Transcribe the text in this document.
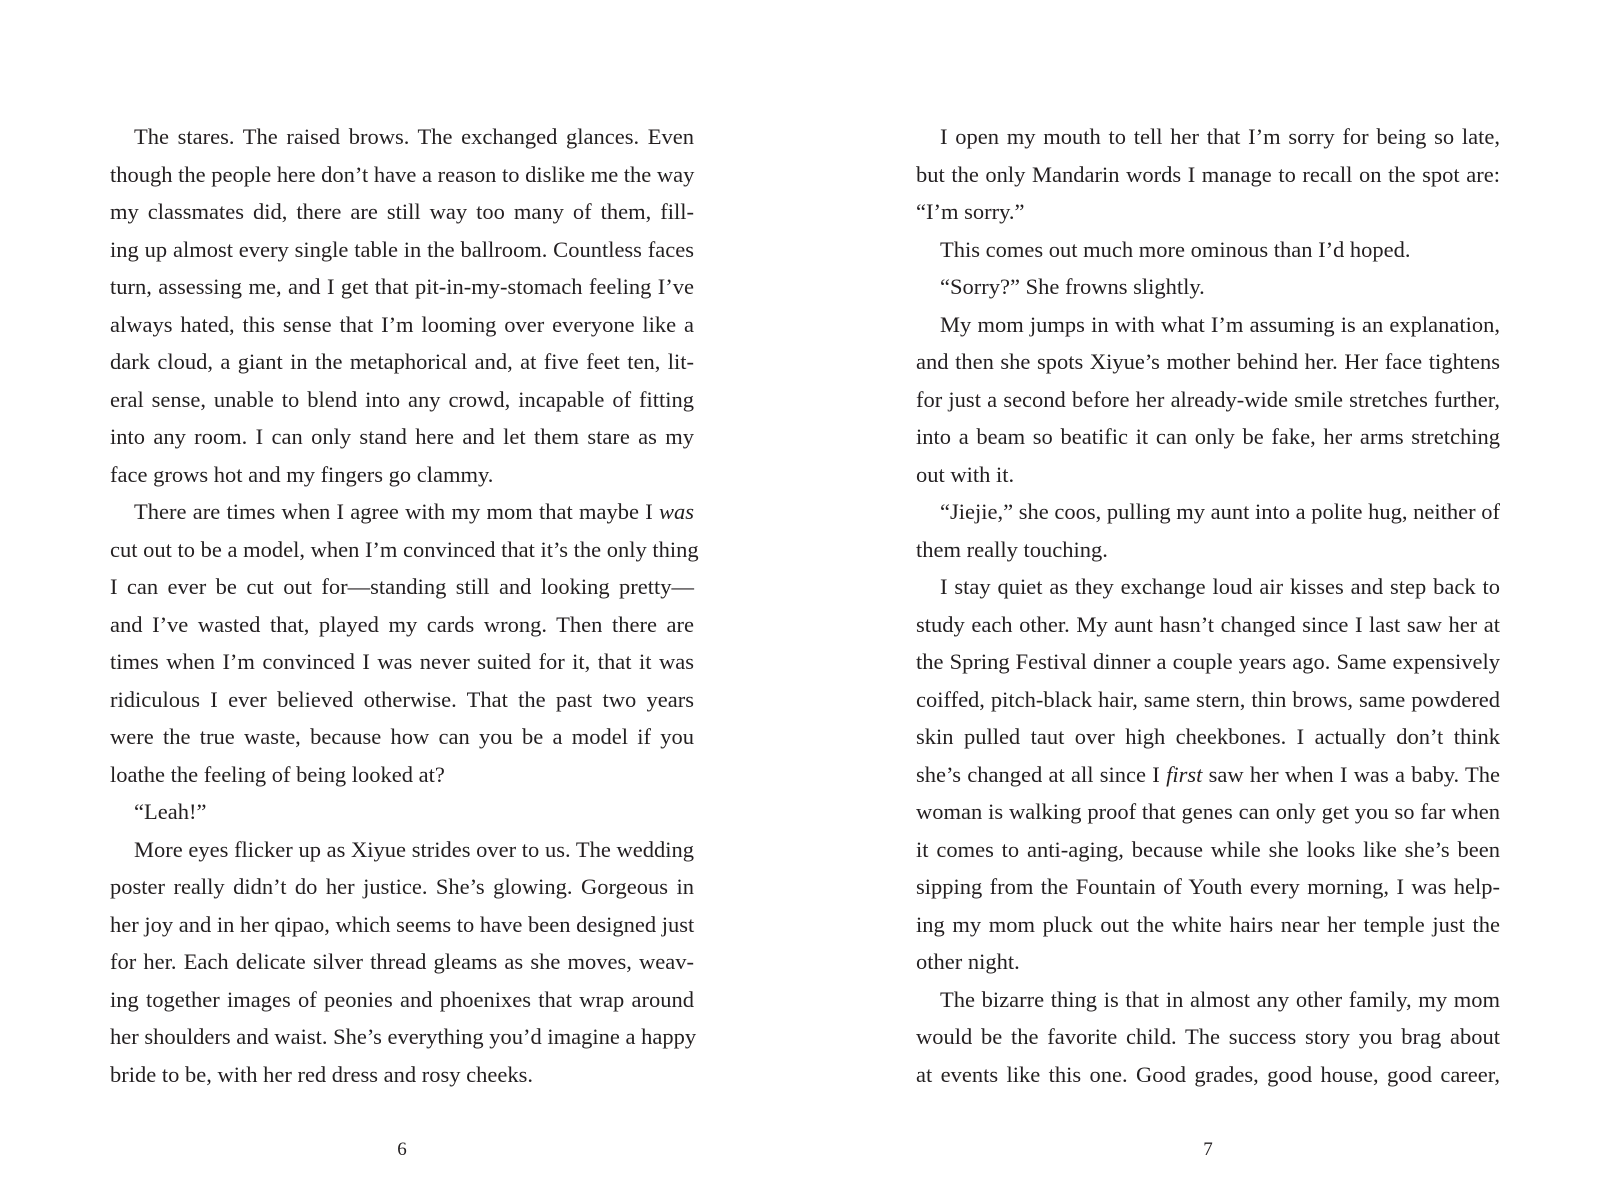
The stares. The raised brows. The exchanged glances. Even
though the people here don’t have a reason to dislike me the way
my classmates did, there are still way too many of them, fill-
ing up almost every single table in the ballroom. Countless faces
turn, assessing me, and I get that pit-in-my-stomach feeling I’ve
always hated, this sense that I’m looming over everyone like a
dark cloud, a giant in the metaphorical and, at five feet ten, lit-
eral sense, unable to blend into any crowd, incapable of fitting
into any room. I can only stand here and let them stare as my
face grows hot and my fingers go clammy.
There are times when I agree with my mom that maybe I was
cut out to be a model, when I’m convinced that it’s the only thing
I can ever be cut out for—standing still and looking pretty—
and I’ve wasted that, played my cards wrong. Then there are
times when I’m convinced I was never suited for it, that it was
ridiculous I ever believed otherwise. That the past two years
were the true waste, because how can you be a model if you
loathe the feeling of being looked at?
“Leah!”
More eyes flicker up as Xiyue strides over to us. The wedding
poster really didn’t do her justice. She’s glowing. Gorgeous in
her joy and in her qipao, which seems to have been designed just
for her. Each delicate silver thread gleams as she moves, weav-
ing together images of peonies and phoenixes that wrap around
her shoulders and waist. She’s everything you’d imagine a happy
bride to be, with her red dress and rosy cheeks.
I open my mouth to tell her that I’m sorry for being so late,
but the only Mandarin words I manage to recall on the spot are:
“I’m sorry.”
This comes out much more ominous than I’d hoped.
“Sorry?” She frowns slightly.
My mom jumps in with what I’m assuming is an explanation,
and then she spots Xiyue’s mother behind her. Her face tightens
for just a second before her already-wide smile stretches further,
into a beam so beatific it can only be fake, her arms stretching
out with it.
“Jiejie,” she coos, pulling my aunt into a polite hug, neither of
them really touching.
I stay quiet as they exchange loud air kisses and step back to
study each other. My aunt hasn’t changed since I last saw her at
the Spring Festival dinner a couple years ago. Same expensively
coiffed, pitch-black hair, same stern, thin brows, same powdered
skin pulled taut over high cheekbones. I actually don’t think
she’s changed at all since I first saw her when I was a baby. The
woman is walking proof that genes can only get you so far when
it comes to anti-aging, because while she looks like she’s been
sipping from the Fountain of Youth every morning, I was help-
ing my mom pluck out the white hairs near her temple just the
other night.
The bizarre thing is that in almost any other family, my mom
would be the favorite child. The success story you brag about
at events like this one. Good grades, good house, good career,
6	7
